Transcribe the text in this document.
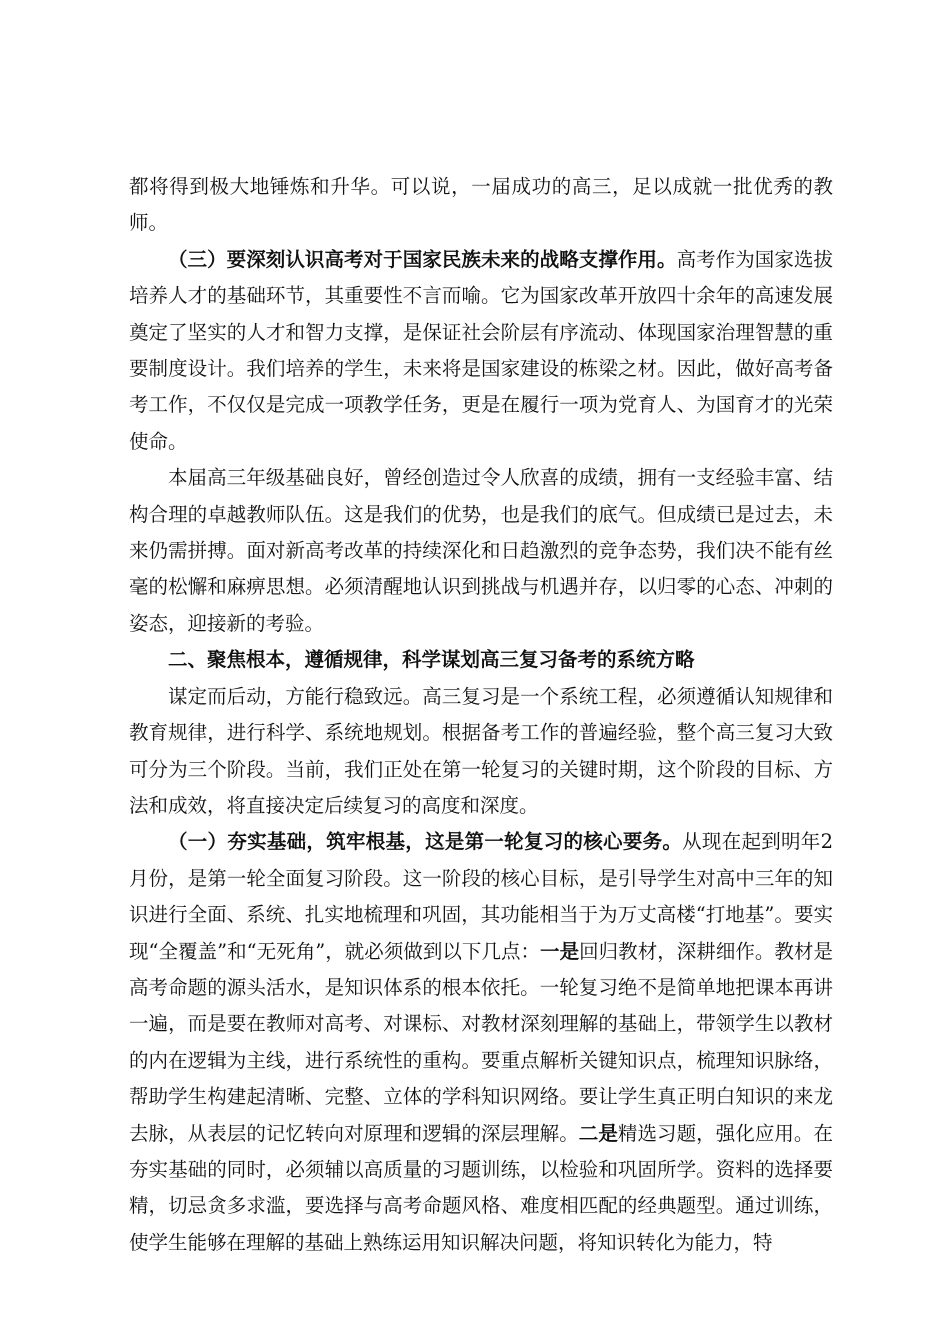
都将得到极大地锤炼和升华。可以说，一届成功的高三，足以成就一批优秀的教师。

（三）要深刻认识高考对于国家民族未来的战略支撑作用。高考作为国家选拔培养人才的基础环节，其重要性不言而喻。它为国家改革开放四十余年的高速发展奠定了坚实的人才和智力支撑，是保证社会阶层有序流动、体现国家治理智慧的重要制度设计。我们培养的学生，未来将是国家建设的栋梁之材。因此，做好高考备考工作，不仅仅是完成一项教学任务，更是在履行一项为党育人、为国育才的光荣使命。

本届高三年级基础良好，曾经创造过令人欣喜的成绩，拥有一支经验丰富、结构合理的卓越教师队伍。这是我们的优势，也是我们的底气。但成绩已是过去，未来仍需拼搏。面对新高考改革的持续深化和日趋激烈的竞争态势，我们决不能有丝毫的松懈和麻痹思想。必须清醒地认识到挑战与机遇并存，以归零的心态、冲刺的姿态，迎接新的考验。

二、聚焦根本，遵循规律，科学谋划高三复习备考的系统方略

谋定而后动，方能行稳致远。高三复习是一个系统工程，必须遵循认知规律和教育规律，进行科学、系统地规划。根据备考工作的普遍经验，整个高三复习大致可分为三个阶段。当前，我们正处在第一轮复习的关键时期，这个阶段的目标、方法和成效，将直接决定后续复习的高度和深度。

（一）夯实基础，筑牢根基，这是第一轮复习的核心要务。从现在起到明年2月份，是第一轮全面复习阶段。这一阶段的核心目标，是引导学生对高中三年的知识进行全面、系统、扎实地梳理和巩固，其功能相当于为万丈高楼“打地基”。要实现“全覆盖”和“无死角”，就必须做到以下几点：一是回归教材，深耕细作。教材是高考命题的源头活水，是知识体系的根本依托。一轮复习绝不是简单地把课本再讲一遍，而是要在教师对高考、对课标、对教材深刻理解的基础上，带领学生以教材的内在逻辑为主线，进行系统性的重构。要重点解析关键知识点，梳理知识脉络，帮助学生构建起清晰、完整、立体的学科知识网络。要让学生真正明白知识的来龙去脉，从表层的记忆转向对原理和逻辑的深层理解。二是精选习题，强化应用。在夯实基础的同时，必须辅以高质量的习题训练，以检验和巩固所学。资料的选择要精，切忌贪多求滥，要选择与高考命题风格、难度相匹配的经典题型。通过训练，使学生能够在理解的基础上熟练运用知识解决问题，将知识转化为能力，特
